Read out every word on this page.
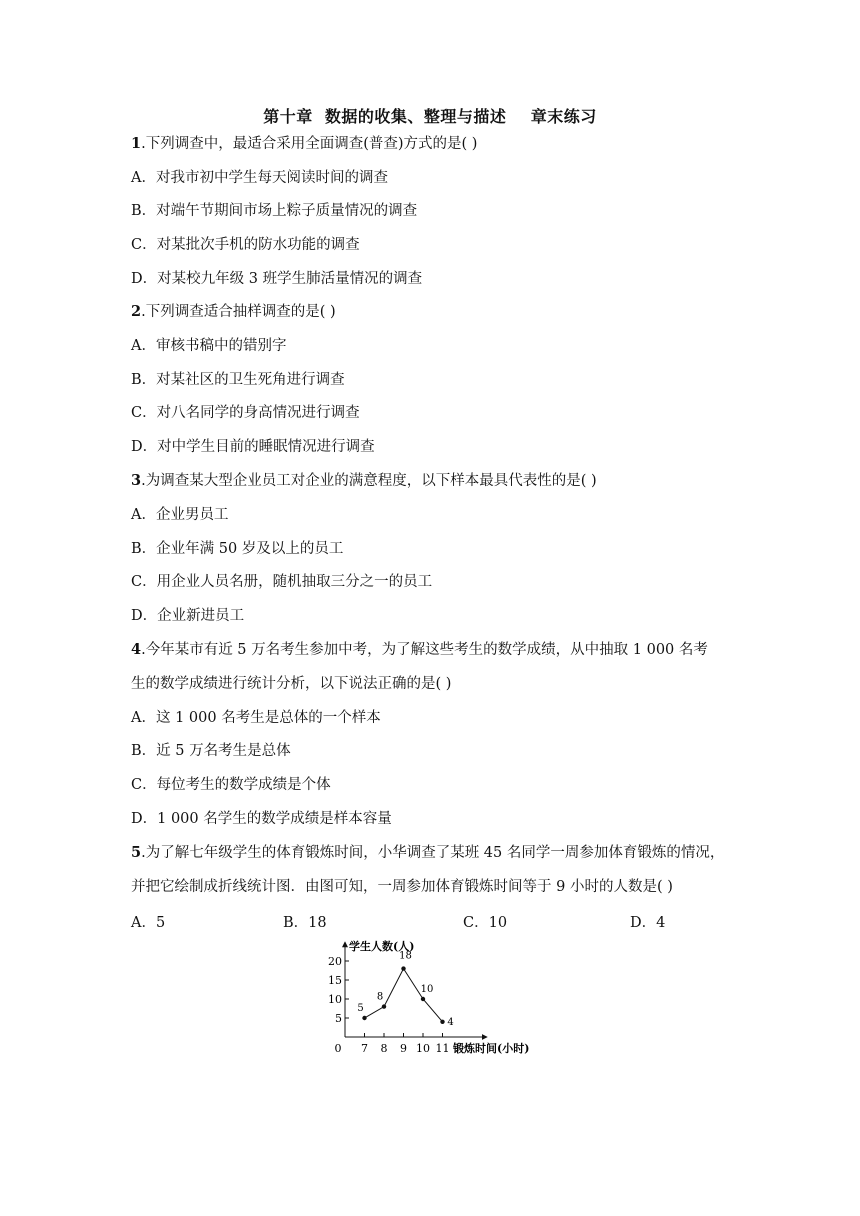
第十章  数据的收集、整理与描述    章末练习
1.下列调查中，最适合采用全面调查(普查)方式的是( )
A．对我市初中学生每天阅读时间的调查
B．对端午节期间市场上粽子质量情况的调查
C．对某批次手机的防水功能的调查
D．对某校九年级 3 班学生肺活量情况的调查
2.下列调查适合抽样调查的是( )
A．审核书稿中的错别字
B．对某社区的卫生死角进行调查
C．对八名同学的身高情况进行调查
D．对中学生目前的睡眠情况进行调查
3.为调查某大型企业员工对企业的满意程度，以下样本最具代表性的是( )
A．企业男员工
B．企业年满 50 岁及以上的员工
C．用企业人员名册，随机抽取三分之一的员工
D．企业新进员工
4.今年某市有近 5 万名考生参加中考，为了解这些考生的数学成绩，从中抽取 1 000 名考
生的数学成绩进行统计分析，以下说法正确的是( )
A．这 1 000 名考生是总体的一个样本
B．近 5 万名考生是总体
C．每位考生的数学成绩是个体
D．1 000 名学生的数学成绩是样本容量
5.为了解七年级学生的体育锻炼时间，小华调查了某班 45 名同学一周参加体育锻炼的情况，
并把它绘制成折线统计图．由图可知，一周参加体育锻炼时间等于 9 小时的人数是( )
A．5	B．18	C．10	D．4
5
10
15
20
7 8 9 10 11
5
8
18
10
4
学生人数(人)
锻炼时间(小时)
0
